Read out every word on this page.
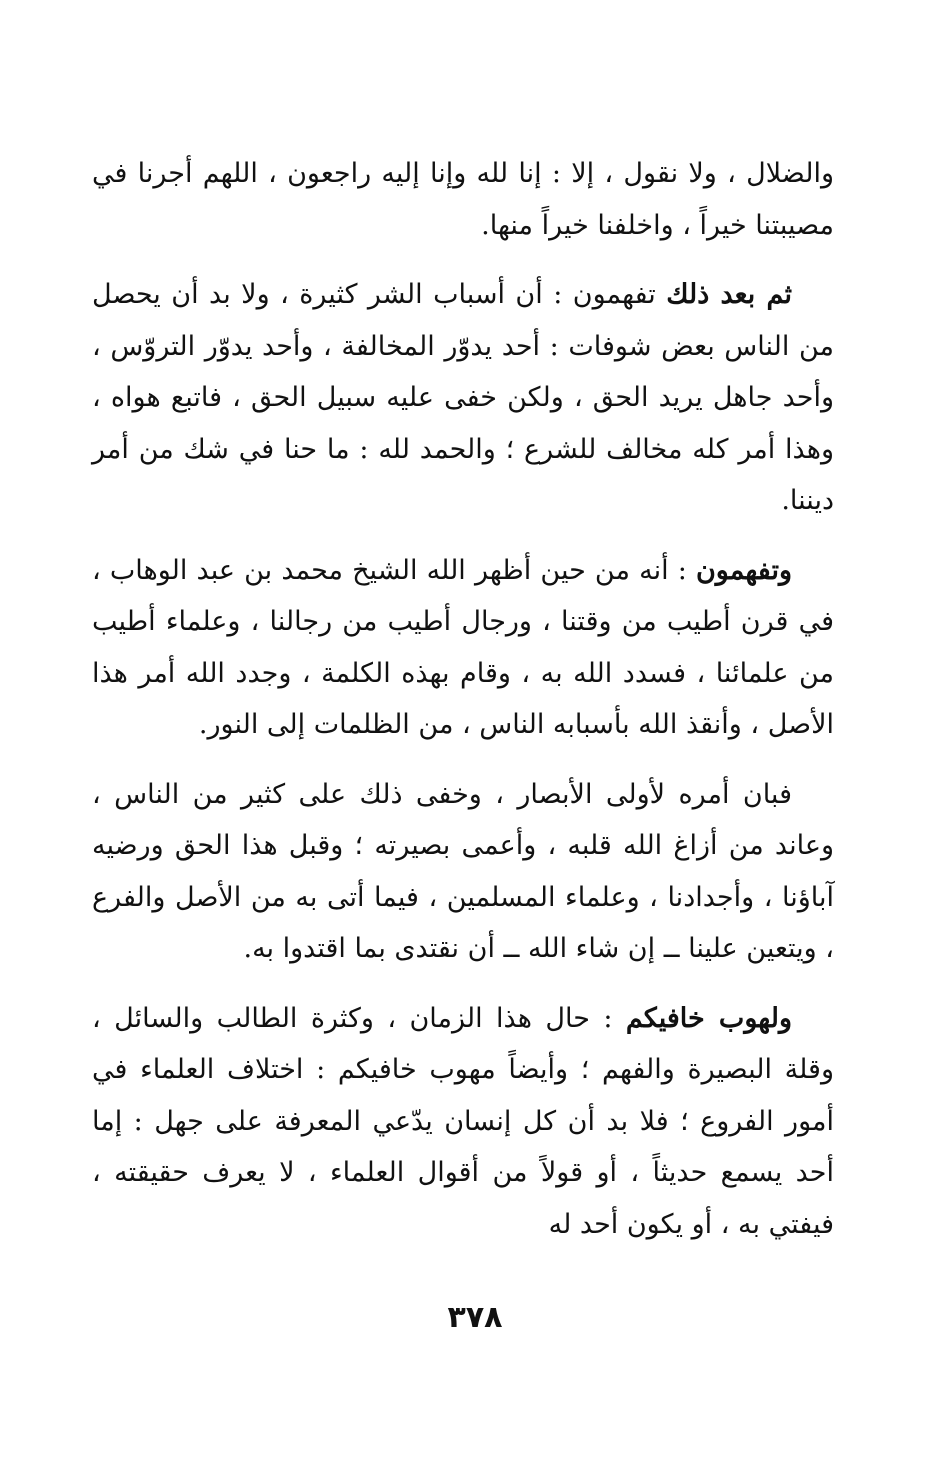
والضلال ، ولا نقول ، إلا : إنا لله وإنا إليه راجعون ، اللهم أجرنا في مصيبتنا خيراً ، واخلفنا خيراً منها.

ثم بعد ذلك تفهمون : أن أسباب الشر كثيرة ، ولا بد أن يحصل من الناس بعض شوفات : أحد يدوّر المخالفة ، وأحد يدوّر التروّس ، وأحد جاهل يريد الحق ، ولكن خفى عليه سبيل الحق ، فاتبع هواه ، وهذا أمر كله مخالف للشرع ؛ والحمد لله : ما حنا في شك من أمر ديننا.

وتفهمون : أنه من حين أظهر الله الشيخ محمد بن عبد الوهاب ، في قرن أطيب من وقتنا ، ورجال أطيب من رجالنا ، وعلماء أطيب من علمائنا ، فسدد الله به ، وقام بهذه الكلمة ، وجدد الله أمر هذا الأصل ، وأنقذ الله بأسبابه الناس ، من الظلمات إلى النور.

فبان أمره لأولى الأبصار ، وخفى ذلك على كثير من الناس ، وعاند من أزاغ الله قلبه ، وأعمى بصيرته ؛ وقبل هذا الحق ورضيه آباؤنا ، وأجدادنا ، وعلماء المسلمين ، فيما أتى به من الأصل والفرع ، ويتعين علينا ــ إن شاء الله ــ أن نقتدى بما اقتدوا به.

ولهوب خافيكم : حال هذا الزمان ، وكثرة الطالب والسائل ، وقلة البصيرة والفهم ؛ وأيضاً مهوب خافيكم : اختلاف العلماء في أمور الفروع ؛ فلا بد أن كل إنسان يدّعي المعرفة على جهل : إما أحد يسمع حديثاً ، أو قولاً من أقوال العلماء ، لا يعرف حقيقته ، فيفتي به ، أو يكون أحد له

٣٧٨
